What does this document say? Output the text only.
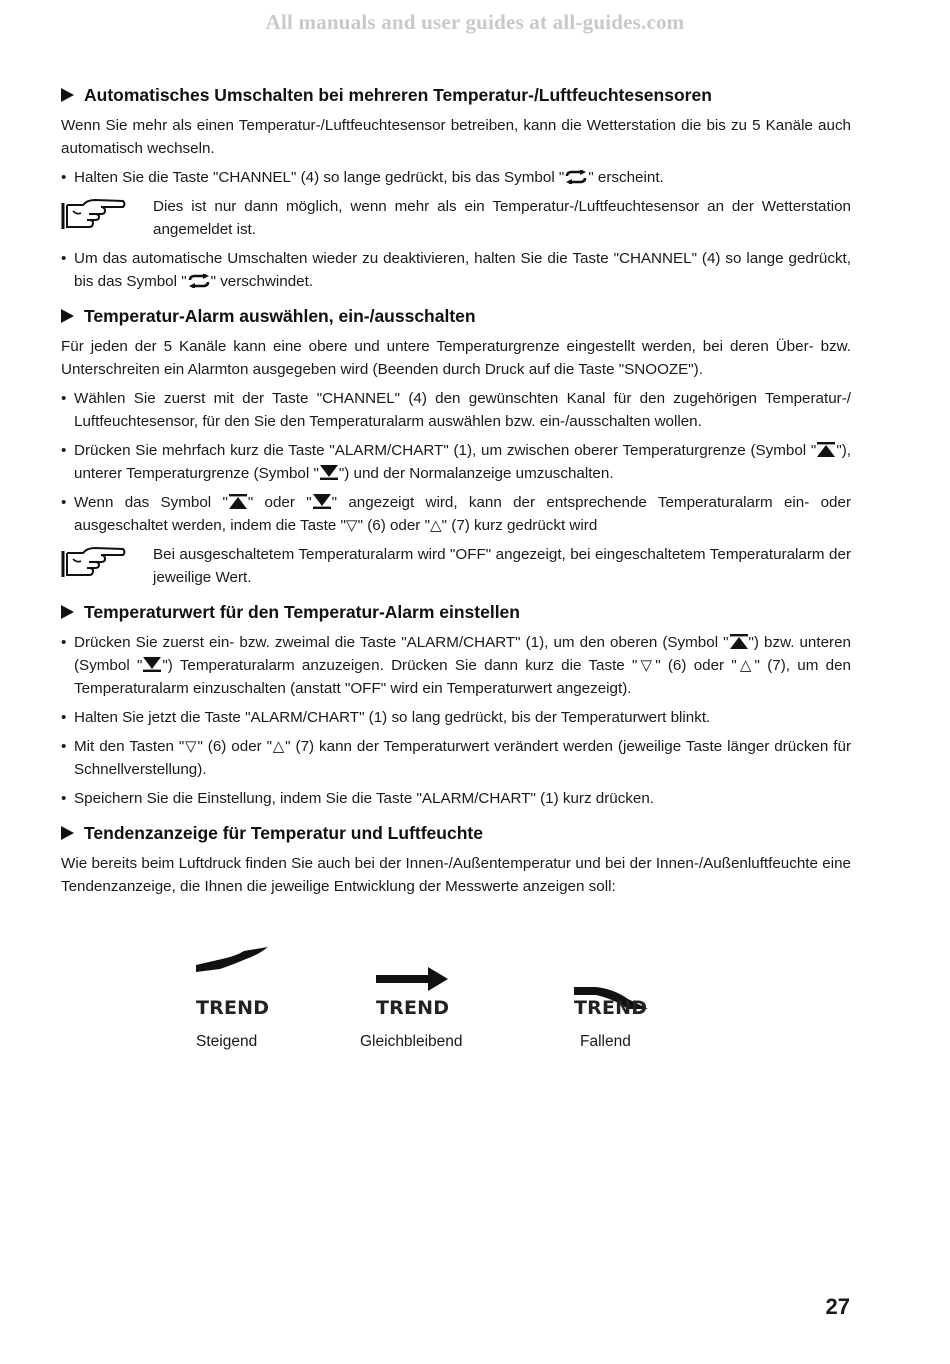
All manuals and user guides at all-guides.com
Automatisches Umschalten bei mehreren Temperatur-/Luftfeuchtesensoren

Wenn Sie mehr als einen Temperatur-/Luftfeuchtesensor betreiben, kann die Wetterstation die bis zu 5 Kanäle auch automatisch wechseln.

• Halten Sie die Taste "CHANNEL" (4) so lange gedrückt, bis das Symbol " " erscheint.
Dies ist nur dann möglich, wenn mehr als ein Temperatur-/Luftfeuchtesensor an der Wetterstation angemeldet ist.
• Um das automatische Umschalten wieder zu deaktivieren, halten Sie die Taste "CHANNEL" (4) so lange gedrückt, bis das Symbol " " verschwindet.
Temperatur-Alarm auswählen, ein-/ausschalten

Für jeden der 5 Kanäle kann eine obere und untere Temperaturgrenze eingestellt werden, bei deren Über- bzw. Unterschreiten ein Alarmton ausgegeben wird (Beenden durch Druck auf die Taste "SNOOZE").

• Wählen Sie zuerst mit der Taste "CHANNEL" (4) den gewünschten Kanal für den zugehörigen Temperatur-/ Luftfeuchtesensor, für den Sie den Temperaturalarm auswählen bzw. ein-/ausschalten wollen.
• Drücken Sie mehrfach kurz die Taste "ALARM/CHART" (1), um zwischen oberer Temperaturgrenze (Symbol " "), unterer Temperaturgrenze (Symbol " ") und der Normalanzeige umzuschalten.
• Wenn das Symbol " " oder " " angezeigt wird, kann der entsprechende Temperaturalarm ein- oder ausgeschaltet werden, indem die Taste "▽" (6) oder "△" (7) kurz gedrückt wird
Bei ausgeschaltetem Temperaturalarm wird "OFF" angezeigt, bei eingeschaltetem Temperaturalarm der jeweilige Wert.
Temperaturwert für den Temperatur-Alarm einstellen
• Drücken Sie zuerst ein- bzw. zweimal die Taste "ALARM/CHART" (1), um den oberen (Symbol " ") bzw. unteren (Symbol " ") Temperaturalarm anzuzeigen. Drücken Sie dann kurz die Taste "▽" (6) oder "△" (7), um den Temperaturalarm einzuschalten (anstatt "OFF" wird ein Temperaturwert angezeigt).
• Halten Sie jetzt die Taste "ALARM/CHART" (1) so lang gedrückt, bis der Temperaturwert blinkt.
• Mit den Tasten "▽" (6) oder "△" (7) kann der Temperaturwert verändert werden (jeweilige Taste länger drücken für Schnellverstellung).
• Speichern Sie die Einstellung, indem Sie die Taste "ALARM/CHART" (1) kurz drücken.
Tendenzanzeige für Temperatur und Luftfeuchte

Wie bereits beim Luftdruck finden Sie auch bei der Innen-/Außentemperatur und bei der Innen-/Außenluftfeuchte eine Tendenzanzeige, die Ihnen die jeweilige Entwicklung der Messwerte anzeigen soll:

TREND
Steigend
TREND
Gleichbleibend
TREND
Fallend
27
